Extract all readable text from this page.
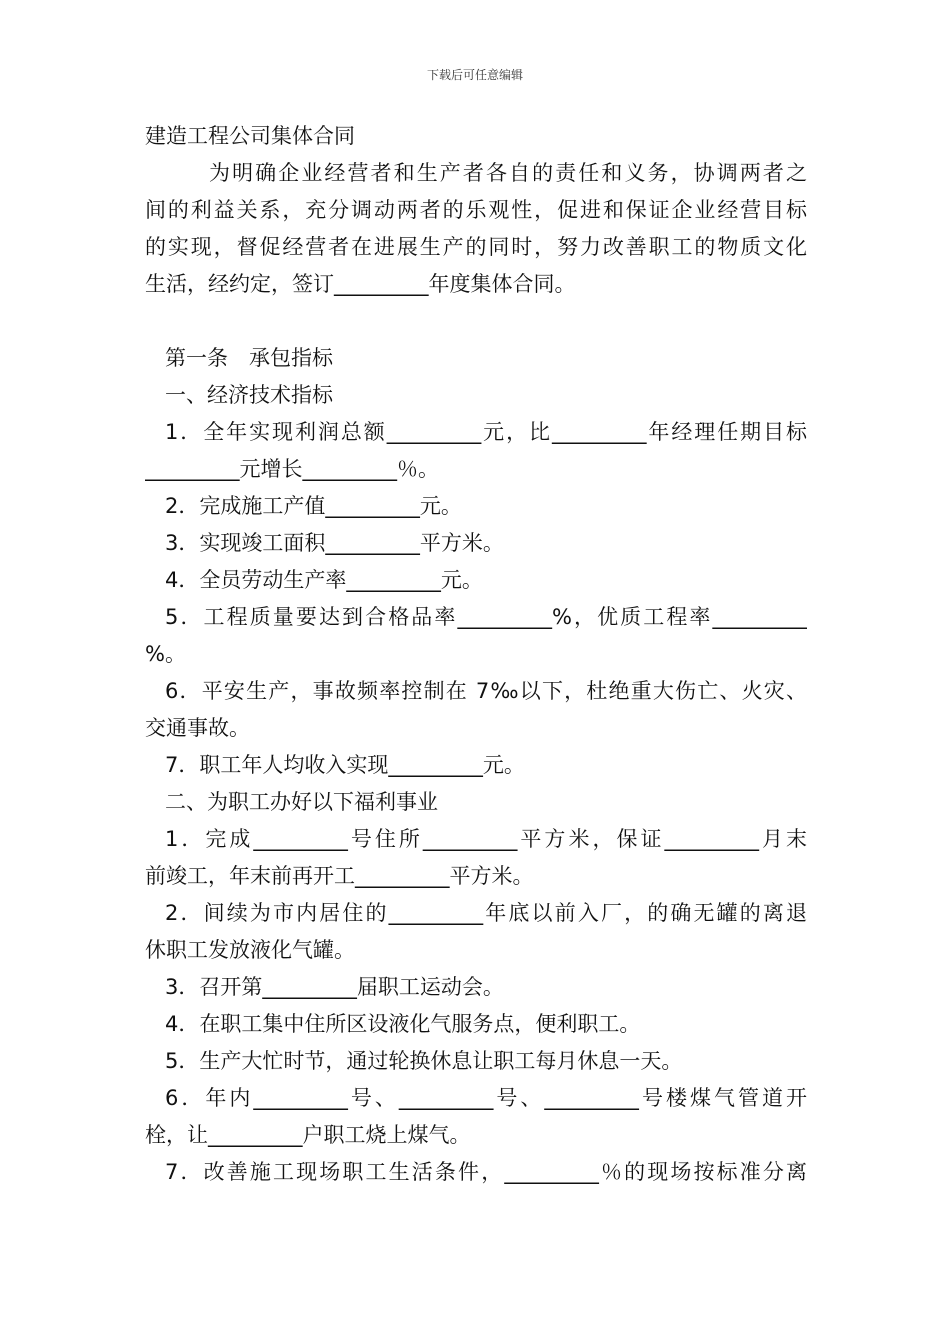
下载后可任意编辑
建造工程公司集体合同
为明确企业经营者和生产者各自的责任和义务，协调两者之
间的利益关系，充分调动两者的乐观性，促进和保证企业经营目标
的实现，督促经营者在进展生产的同时，努力改善职工的物质文化
生活，经约定，签订_________年度集体合同。
第一条　承包指标
一、经济技术指标
1．全年实现利润总额_________元，比_________年经理任期目标
_________元增长_________％。
2．完成施工产值_________元。
3．实现竣工面积_________平方米。
4．全员劳动生产率_________元。
5．工程质量要达到合格品率_________%，优质工程率_________
%。
6．平安生产，事故频率控制在 7‰以下，杜绝重大伤亡、火灾、
交通事故。
7．职工年人均收入实现_________元。
二、为职工办好以下福利事业
1．完成_________号住所_________平方米，保证_________月末
前竣工，年末前再开工_________平方米。
2．间续为市内居住的_________年底以前入厂，的确无罐的离退
休职工发放液化气罐。
3．召开第_________届职工运动会。
4．在职工集中住所区设液化气服务点，便利职工。
5．生产大忙时节，通过轮换休息让职工每月休息一天。
6．年内_________号、_________号、_________号楼煤气管道开
栓，让_________户职工烧上煤气。
7．改善施工现场职工生活条件，_________％的现场按标准分离
